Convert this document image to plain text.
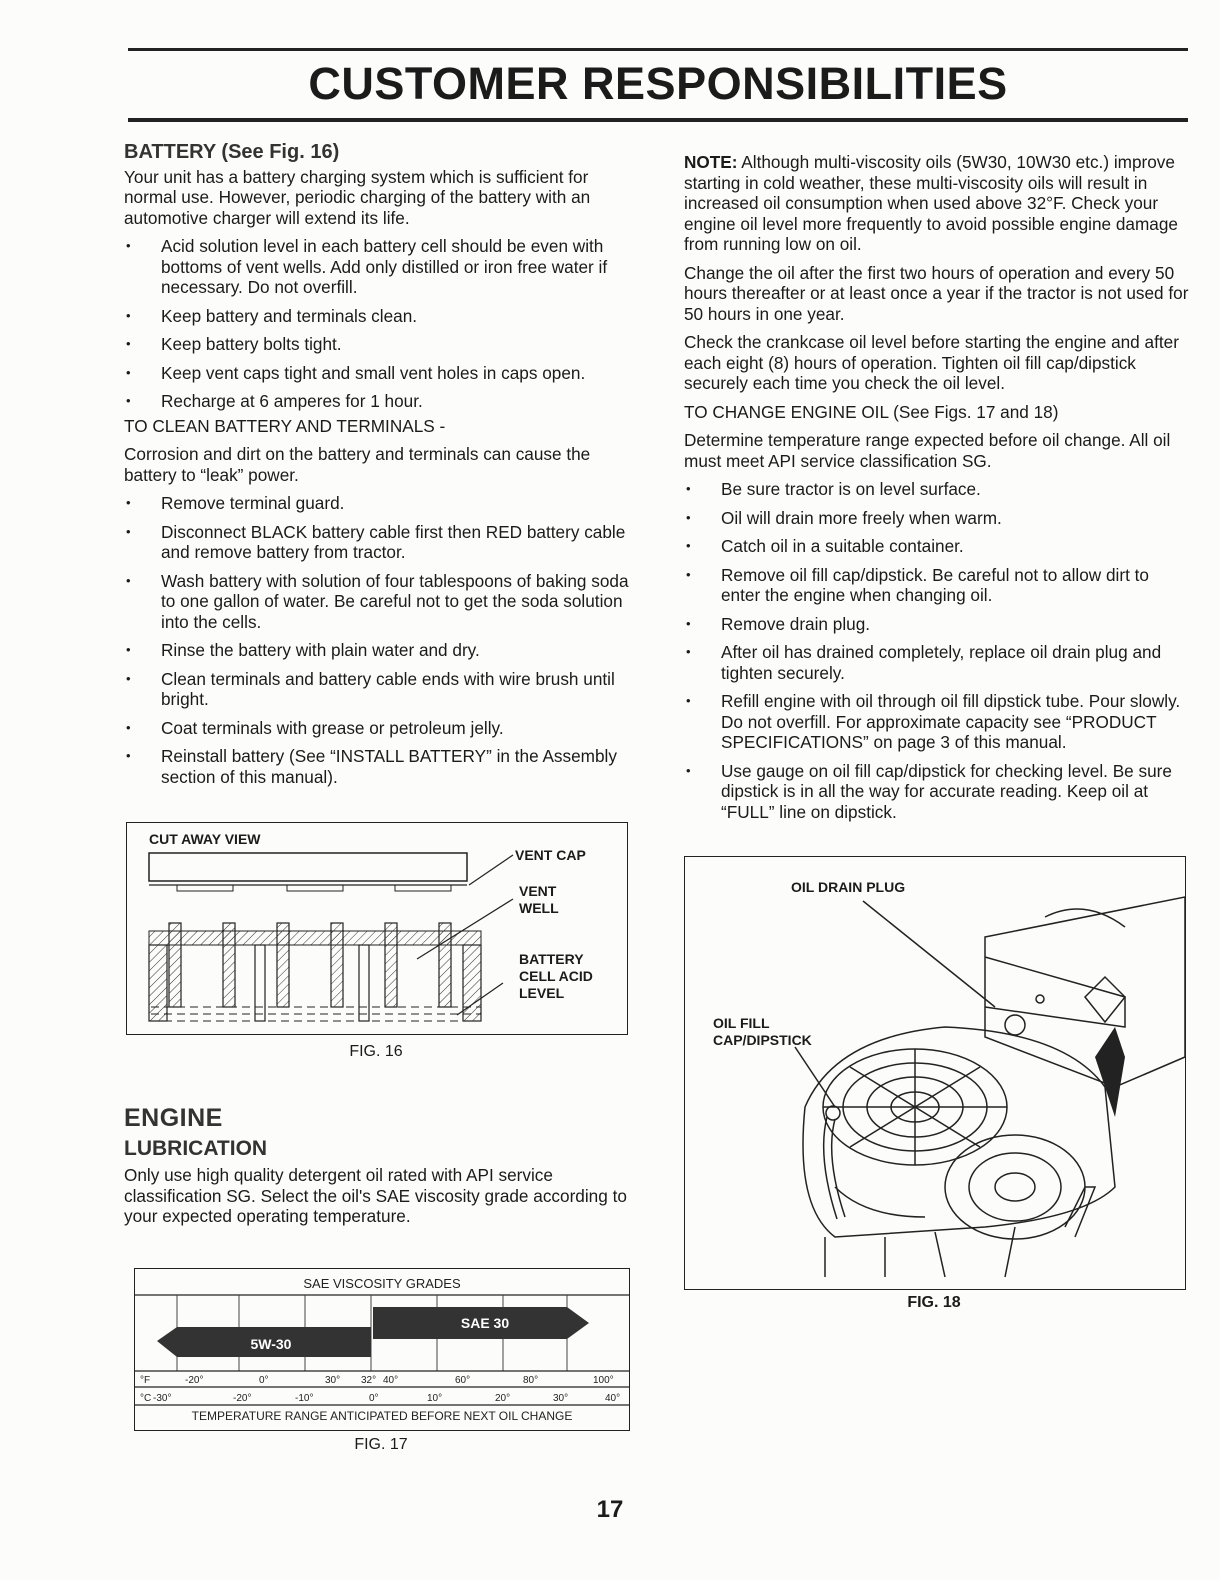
CUSTOMER RESPONSIBILITIES
BATTERY (See Fig. 16)

Your unit has a battery charging system which is sufficient for normal use. However, periodic charging of the battery with an automotive charger will extend its life.

• Acid solution level in each battery cell should be even with bottoms of vent wells. Add only distilled or iron free water if necessary. Do not overfill.
• Keep battery and terminals clean.
• Keep battery bolts tight.
• Keep vent caps tight and small vent holes in caps open.
• Recharge at 6 amperes for 1 hour.

TO CLEAN BATTERY AND TERMINALS -

Corrosion and dirt on the battery and terminals can cause the battery to “leak” power.

• Remove terminal guard.
• Disconnect BLACK battery cable first then RED battery cable and remove battery from tractor.
• Wash battery with solution of four tablespoons of baking soda to one gallon of water. Be careful not to get the soda solution into the cells.
• Rinse the battery with plain water and dry.
• Clean terminals and battery cable ends with wire brush until bright.
• Coat terminals with grease or petroleum jelly.
• Reinstall battery (See “INSTALL BATTERY” in the Assembly section of this manual).
CUT AWAY VIEW
VENT CAP
VENT
WELL
BATTERY
CELL ACID
LEVEL
FIG. 16
ENGINE
LUBRICATION

Only use high quality detergent oil rated with API service classification SG. Select the oil's SAE viscosity grade according to your expected operating temperature.

SAE VISCOSITY GRADES
SAE 30
5W-30
°F	-20°	0°	30° 32° 40°	60°	80°	100°
°C -30°	-20°	-10°	0°	10°	20°	30°	40°
TEMPERATURE RANGE ANTICIPATED BEFORE NEXT OIL CHANGE
FIG. 17

NOTE: Although multi-viscosity oils (5W30, 10W30 etc.) improve starting in cold weather, these multi-viscosity oils will result in increased oil consumption when used above 32°F. Check your engine oil level more frequently to avoid possible engine damage from running low on oil.

Change the oil after the first two hours of operation and every 50 hours thereafter or at least once a year if the tractor is not used for 50 hours in one year.

Check the crankcase oil level before starting the engine and after each eight (8) hours of operation. Tighten oil fill cap/dipstick securely each time you check the oil level.

TO CHANGE ENGINE OIL (See Figs. 17 and 18)

Determine temperature range expected before oil change. All oil must meet API service classification SG.

• Be sure tractor is on level surface.
• Oil will drain more freely when warm.
• Catch oil in a suitable container.
• Remove oil fill cap/dipstick. Be careful not to allow dirt to enter the engine when changing oil.
• Remove drain plug.
• After oil has drained completely, replace oil drain plug and tighten securely.
• Refill engine with oil through oil fill dipstick tube. Pour slowly. Do not overfill. For approximate capacity see “PRODUCT SPECIFICATIONS” on page 3 of this manual.
• Use gauge on oil fill cap/dipstick for checking level. Be sure dipstick is in all the way for accurate reading. Keep oil at “FULL” line on dipstick.
OIL DRAIN PLUG
OIL FILL
CAP/DIPSTICK
FIG. 18
17
